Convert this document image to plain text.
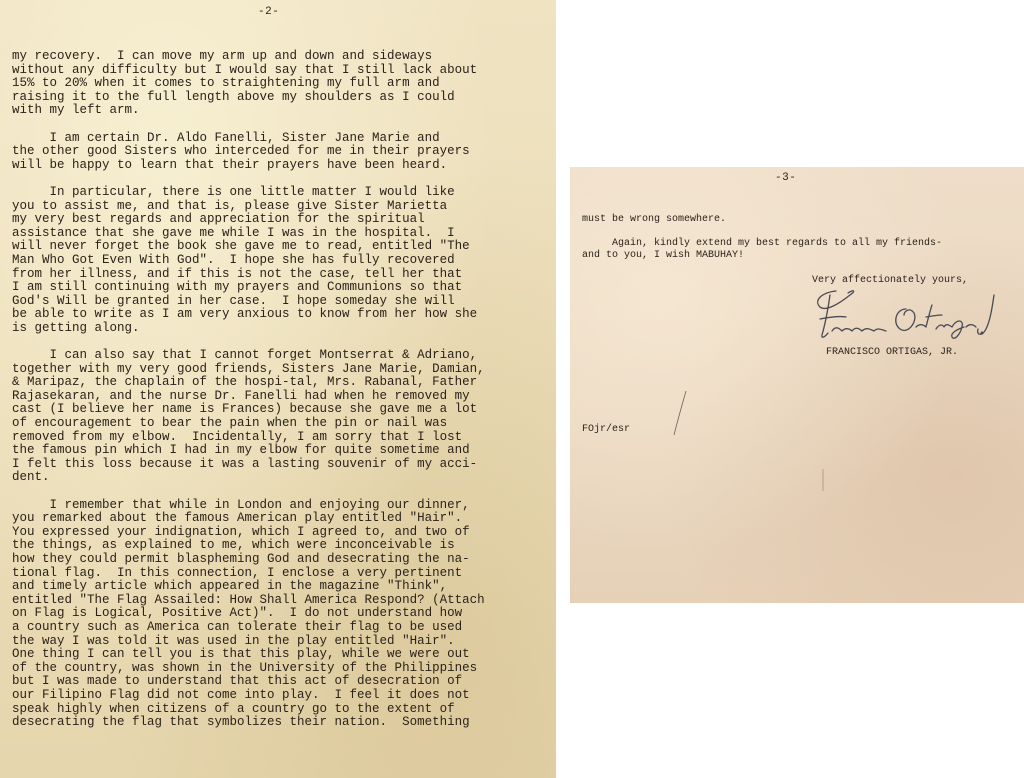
-2-
my recovery.  I can move my arm up and down and sideways
without any difficulty but I would say that I still lack about
15% to 20% when it comes to straightening my full arm and
raising it to the full length above my shoulders as I could
with my left arm.
I am certain Dr. Aldo Fanelli, Sister Jane Marie and
the other good Sisters who interceded for me in their prayers
will be happy to learn that their prayers have been heard.
In particular, there is one little matter I would like
you to assist me, and that is, please give Sister Marietta
my very best regards and appreciation for the spiritual
assistance that she gave me while I was in the hospital.  I
will never forget the book she gave me to read, entitled "The
Man Who Got Even With God".  I hope she has fully recovered
from her illness, and if this is not the case, tell her that
I am still continuing with my prayers and Communions so that
God's Will be granted in her case.  I hope someday she will
be able to write as I am very anxious to know from her how she
is getting along.
I can also say that I cannot forget Montserrat & Adriano,
together with my very good friends, Sisters Jane Marie, Damian,
& Maripaz, the chaplain of the hospi-tal, Mrs. Rabanal, Father
Rajasekaran, and the nurse Dr. Fanelli had when he removed my
cast (I believe her name is Frances) because she gave me a lot
of encouragement to bear the pain when the pin or nail was
removed from my elbow.  Incidentally, I am sorry that I lost
the famous pin which I had in my elbow for quite sometime and
I felt this loss because it was a lasting souvenir of my acci-
dent.
I remember that while in London and enjoying our dinner,
you remarked about the famous American play entitled "Hair".
You expressed your indignation, which I agreed to, and two of
the things, as explained to me, which were inconceivable is
how they could permit blaspheming God and desecrating the na-
tional flag.  In this connection, I enclose a very pertinent
and timely article which appeared in the magazine "Think",
entitled "The Flag Assailed: How Shall America Respond? (Attach
on Flag is Logical, Positive Act)".  I do not understand how
a country such as America can tolerate their flag to be used
the way I was told it was used in the play entitled "Hair".
One thing I can tell you is that this play, while we were out
of the country, was shown in the University of the Philippines
but I was made to understand that this act of desecration of
our Filipino Flag did not come into play.  I feel it does not
speak highly when citizens of a country go to the extent of
desecrating the flag that symbolizes their nation.  Something
-3-
must be wrong somewhere.
Again, kindly extend my best regards to all my friends-
and to you, I wish MABUHAY!
Very affectionately yours,
FRANCISCO ORTIGAS, JR.
FOjr/esr
